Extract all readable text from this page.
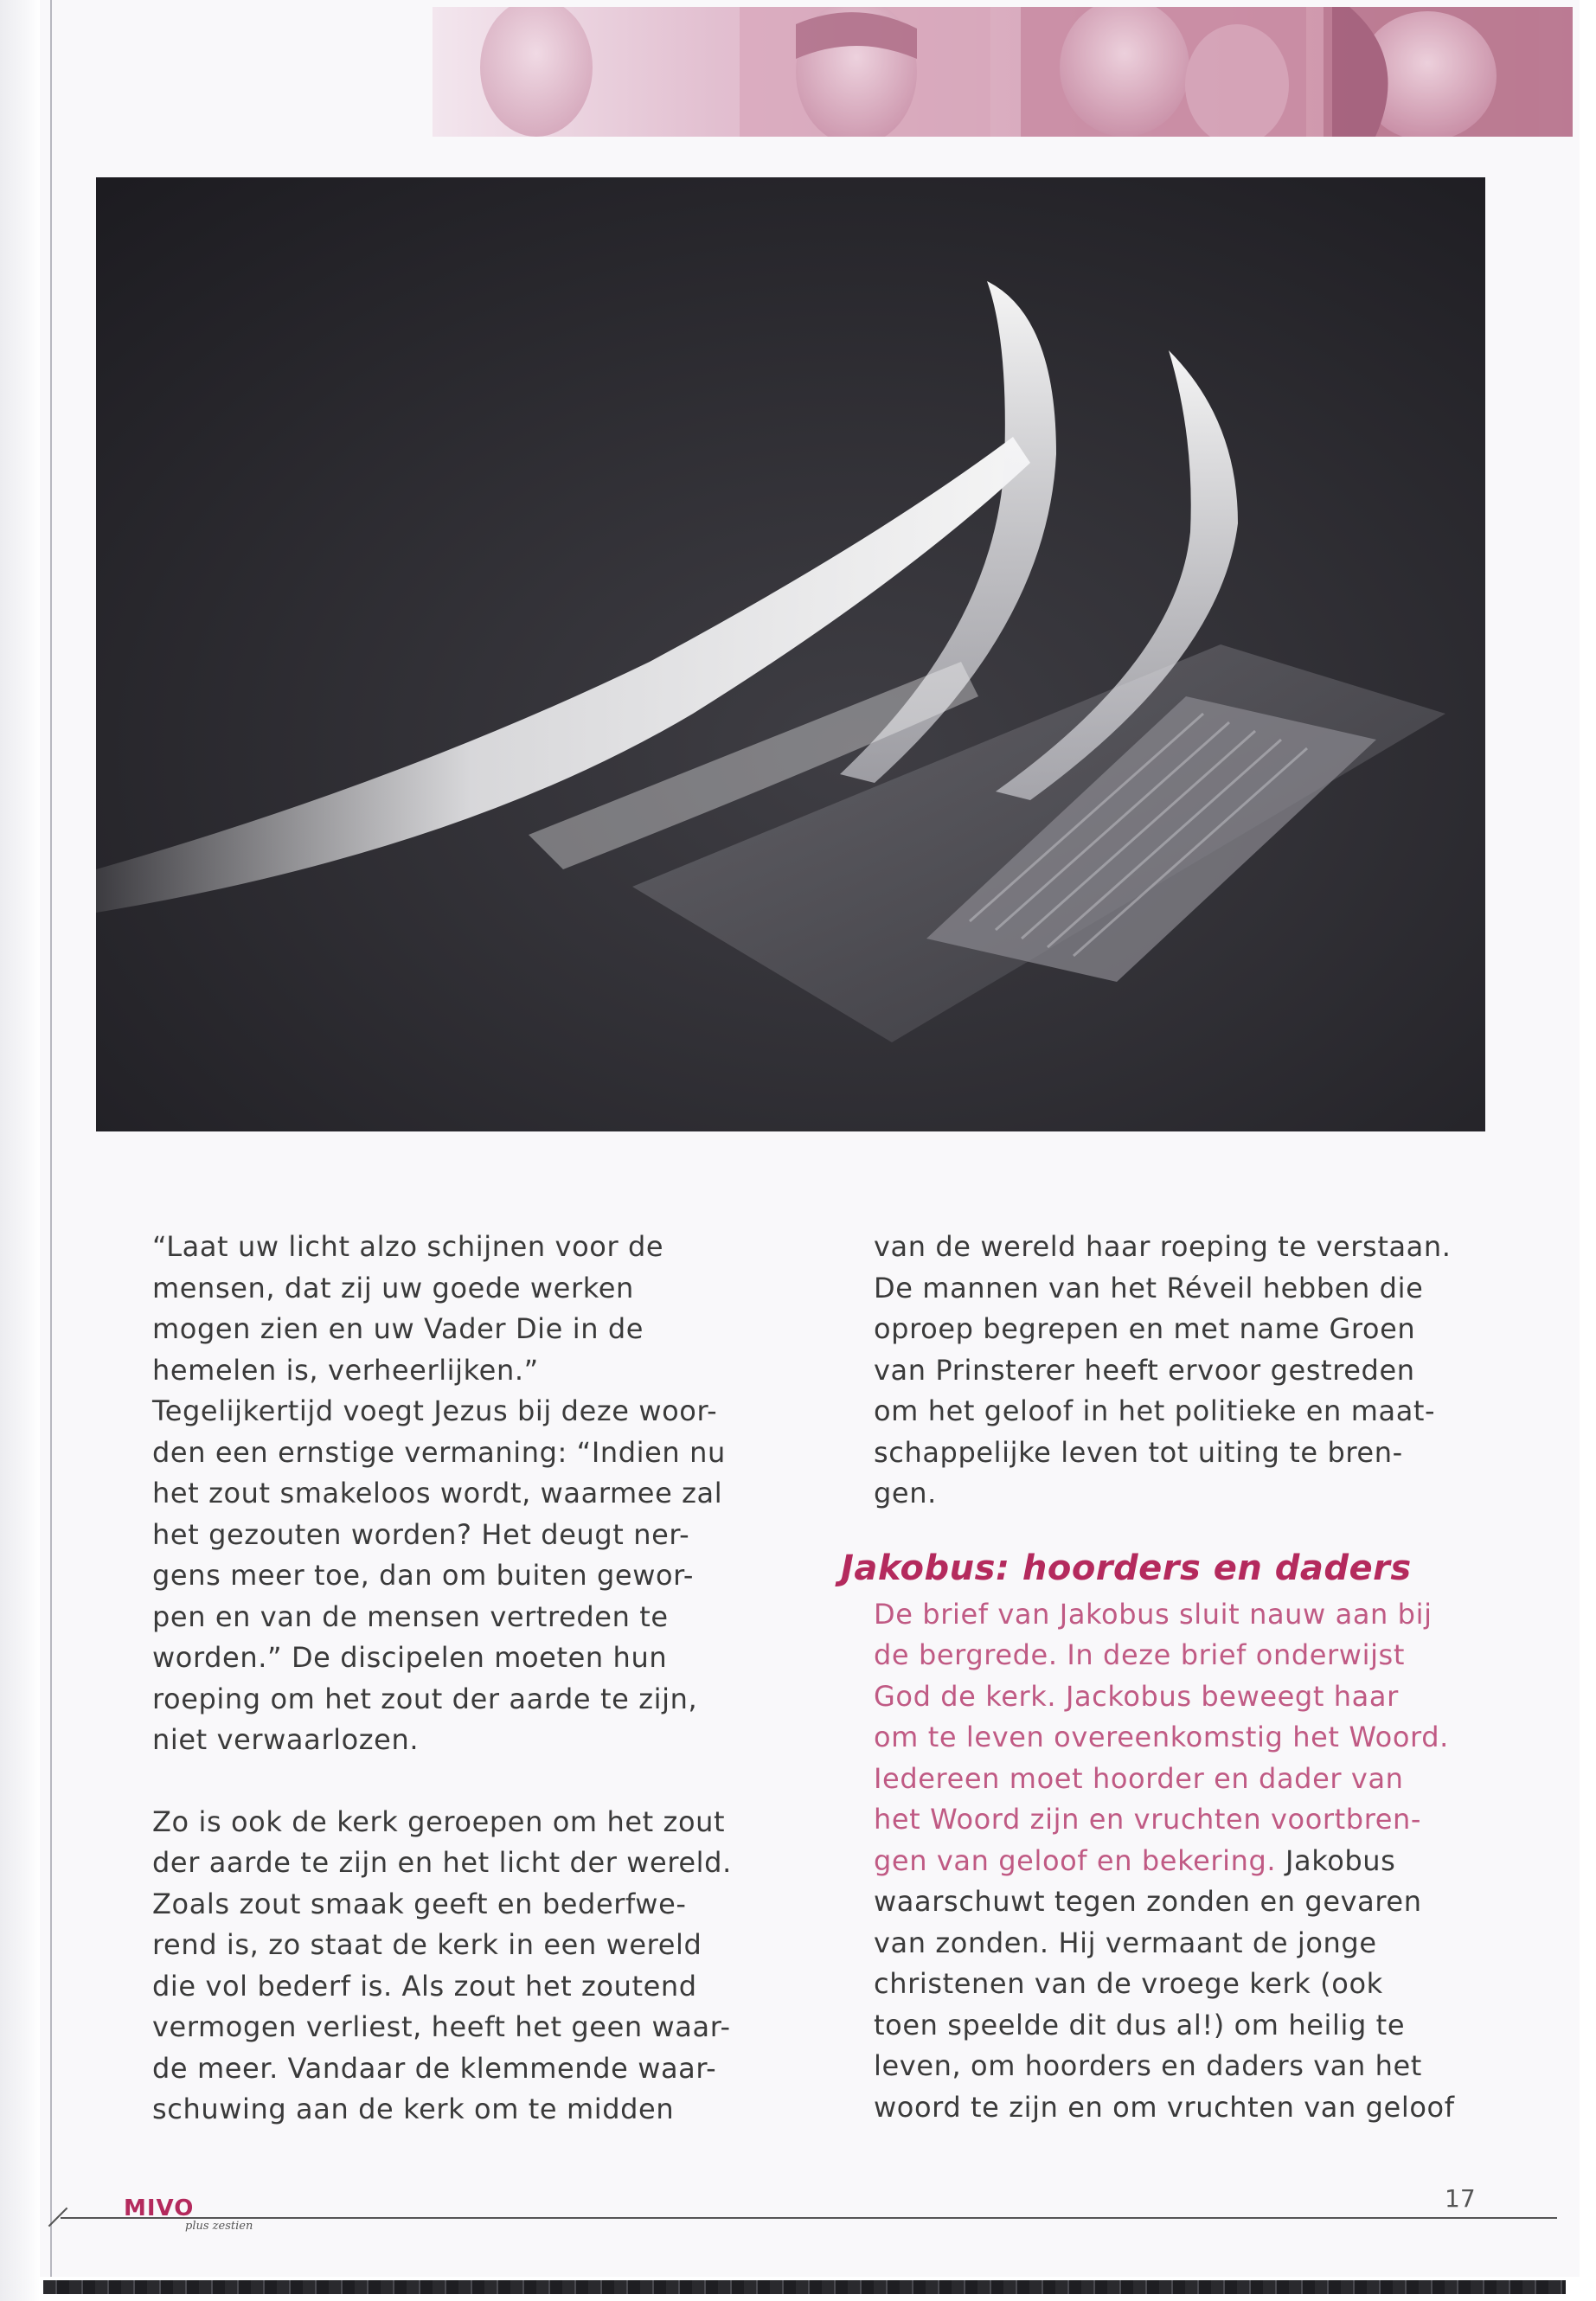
“Laat uw licht alzo schijnen voor de
mensen, dat zij uw goede werken
mogen zien en uw Vader Die in de
hemelen is, verheerlijken.”
Tegelijkertijd voegt Jezus bij deze woor-
den een ernstige vermaning: “Indien nu
het zout smakeloos wordt, waarmee zal
het gezouten worden? Het deugt ner-
gens meer toe, dan om buiten gewor-
pen en van de mensen vertreden te
worden.” De discipelen moeten hun
roeping om het zout der aarde te zijn,
niet verwaarlozen.

Zo is ook de kerk geroepen om het zout
der aarde te zijn en het licht der wereld.
Zoals zout smaak geeft en bederfwe-
rend is, zo staat de kerk in een wereld
die vol bederf is. Als zout het zoutend
vermogen verliest, heeft het geen waar-
de meer. Vandaar de klemmende waar-
schuwing aan de kerk om te midden

van de wereld haar roeping te verstaan.
De mannen van het Réveil hebben die
oproep begrepen en met name Groen
van Prinsterer heeft ervoor gestreden
om het geloof in het politieke en maat-
schappelijke leven tot uiting te bren-
gen.

Jakobus: hoorders en daders

De brief van Jakobus sluit nauw aan bij
de bergrede. In deze brief onderwijst
God de kerk. Jackobus beweegt haar
om te leven overeenkomstig het Woord.
Iedereen moet hoorder en dader van
het Woord zijn en vruchten voortbren-
gen van geloof en bekering. Jakobus
waarschuwt tegen zonden en gevaren
van zonden. Hij vermaant de jonge
christenen van de vroege kerk (ook
toen speelde dit dus al!) om heilig te
leven, om hoorders en daders van het
woord te zijn en om vruchten van geloof

MIVO
plus zestien
17
